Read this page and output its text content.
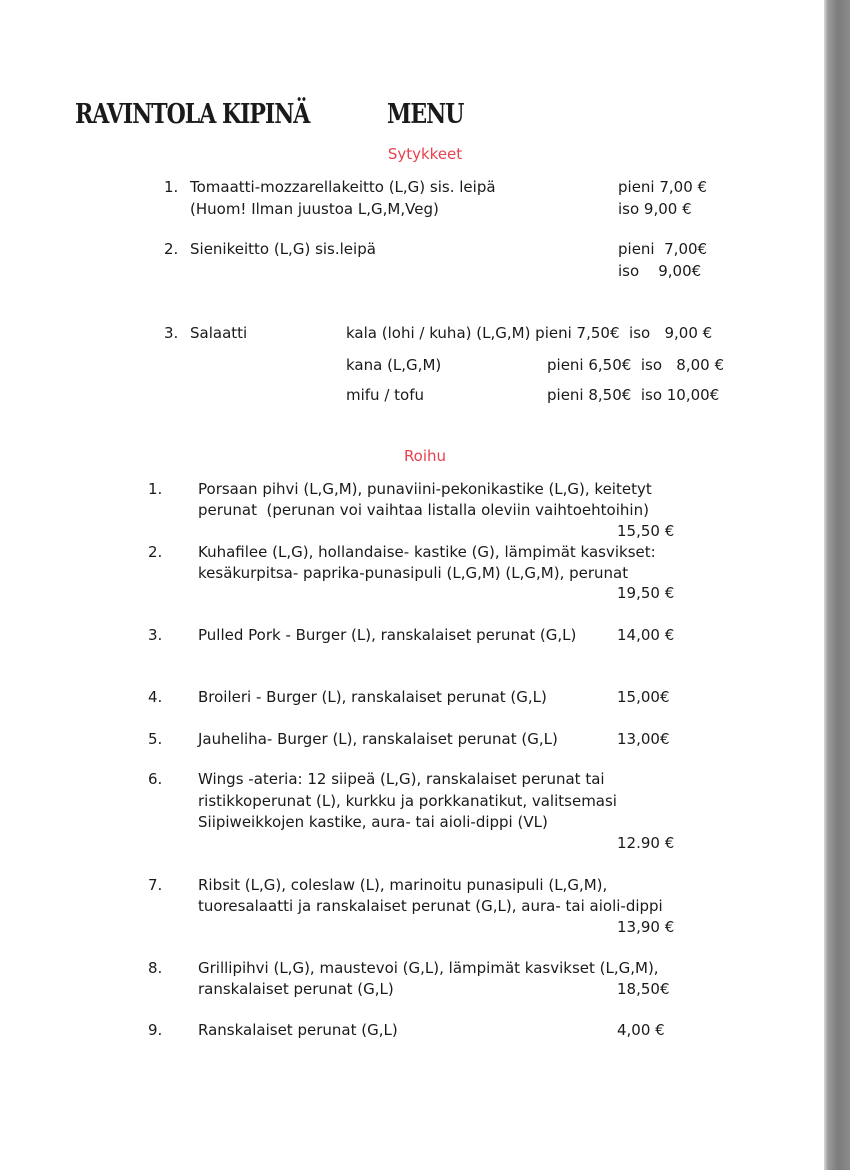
RAVINTOLA KIPINÄ	MENU
Sytykkeet
1. Tomaatti-mozzarellakeitto (L,G) sis. leipä
(Huom! Ilman juustoa L,G,M,Veg)
pieni 7,00 €
iso 9,00 €
2. Sienikeitto (L,G) sis.leipä	pieni  7,00€
iso    9,00€
3. Salaatti	kala (lohi / kuha) (L,G,M) pieni 7,50€  iso   9,00 €
kana (L,G,M)	pieni 6,50€  iso   8,00 €
mifu / tofu	pieni 8,50€  iso 10,00€
Roihu
1. Porsaan pihvi (L,G,M), punaviini-pekonikastike (L,G), keitetyt
perunat  (perunan voi vaihtaa listalla oleviin vaihtoehtoihin)
15,50 €
2. Kuhafilee (L,G), hollandaise- kastike (G), lämpimät kasvikset:
kesäkurpitsa- paprika-punasipuli (L,G,M) (L,G,M), perunat
19,50 €
3. Pulled Pork - Burger (L), ranskalaiset perunat (G,L)	14,00 €
4. Broileri - Burger (L), ranskalaiset perunat (G,L)	15,00€
5. Jauheliha- Burger (L), ranskalaiset perunat (G,L)	13,00€
6. Wings -ateria: 12 siipeä (L,G), ranskalaiset perunat tai
ristikkoperunat (L), kurkku ja porkkanatikut, valitsemasi
Siipiweikkojen kastike, aura- tai aioli-dippi (VL)
12.90 €
7. Ribsit (L,G), coleslaw (L), marinoitu punasipuli (L,G,M),
tuoresalaatti ja ranskalaiset perunat (G,L), aura- tai aioli-dippi
13,90 €
8. Grillipihvi (L,G), maustevoi (G,L), lämpimät kasvikset (L,G,M),
ranskalaiset perunat (G,L)	18,50€
9. Ranskalaiset perunat (G,L)	4,00 €
